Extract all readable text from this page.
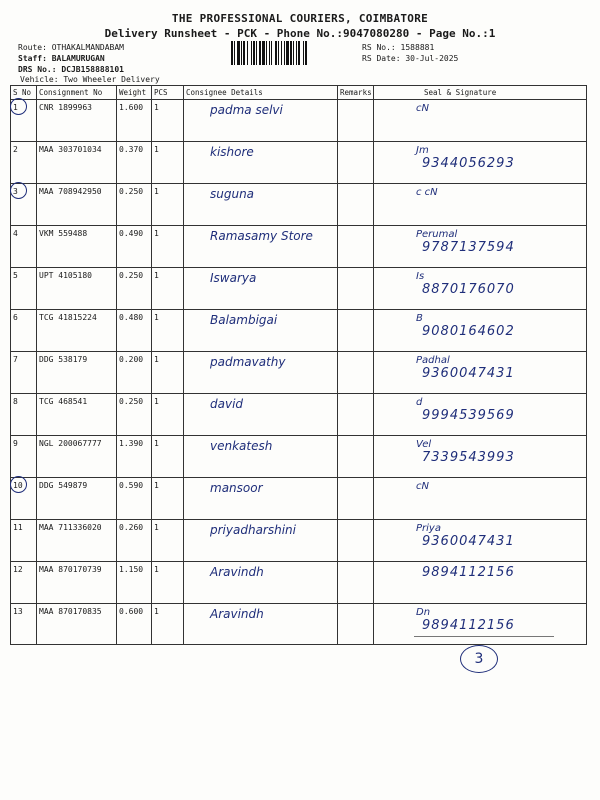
THE PROFESSIONAL COURIERS, COIMBATORE
Delivery Runsheet - PCK - Phone No.:9047080280 - Page No.:1
Route: OTHAKALMANDABAM
Staff: BALAMURUGAN
DRS No.: DCJB158888101
Vehicle: Two Wheeler Delivery
RS No.: 1588881
RS Date: 30-Jul-2025
S No	Consignment No	Weight	PCS	Consignee Details	Remarks	Seal & Signature

1	CNR 1899963	1.600	1	padma selvi		cN

2	MAA 303701034	0.370	1	kishore		Jm
9344056293

3	MAA 708942950	0.250	1	suguna		c cN

4	VKM 559488	0.490	1	Ramasamy Store		Perumal
9787137594

5	UPT 4105180	0.250	1	Iswarya		Is
8870176070

6	TCG 41815224	0.480	1	Balambigai		B
9080164602

7	DDG 538179	0.200	1	padmavathy		Padhal
9360047431

8	TCG 468541	0.250	1	david		d
9994539569

9	NGL 200067777	1.390	1	venkatesh		Vel
7339543993

10	DDG 549879	0.590	1	mansoor		cN

11	MAA 711336020	0.260	1	priyadharshini		Priya
9360047431

12	MAA 870170739	1.150	1	Aravindh		9894112156

13	MAA 870170835	0.600	1	Aravindh		Dn
9894112156
3
